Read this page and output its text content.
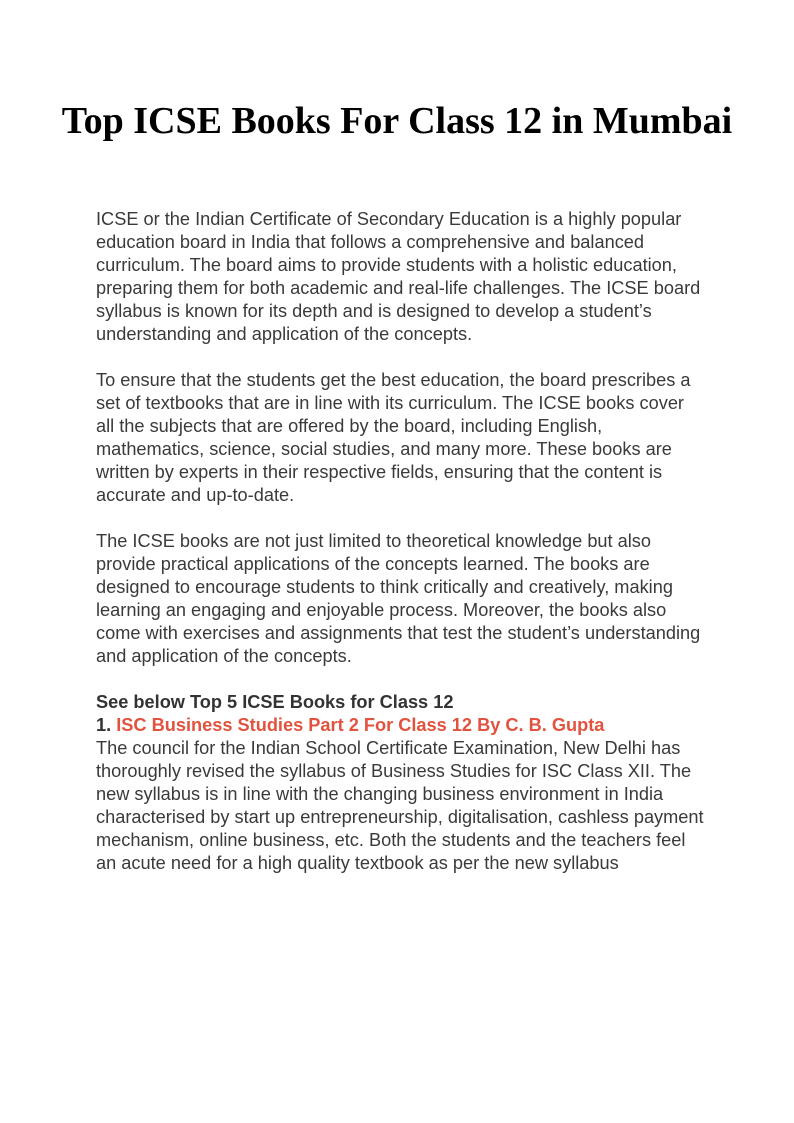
Top ICSE Books For Class 12 in Mumbai

ICSE or the Indian Certificate of Secondary Education is a highly popular education board in India that follows a comprehensive and balanced curriculum. The board aims to provide students with a holistic education, preparing them for both academic and real-life challenges. The ICSE board syllabus is known for its depth and is designed to develop a student’s understanding and application of the concepts.

To ensure that the students get the best education, the board prescribes a set of textbooks that are in line with its curriculum. The ICSE books cover all the subjects that are offered by the board, including English, mathematics, science, social studies, and many more. These books are written by experts in their respective fields, ensuring that the content is accurate and up-to-date.

The ICSE books are not just limited to theoretical knowledge but also provide practical applications of the concepts learned. The books are designed to encourage students to think critically and creatively, making learning an engaging and enjoyable process. Moreover, the books also come with exercises and assignments that test the student’s understanding and application of the concepts.

See below Top 5 ICSE Books for Class 12
1. ISC Business Studies Part 2 For Class 12 By C. B. Gupta
The council for the Indian School Certificate Examination, New Delhi has thoroughly revised the syllabus of Business Studies for ISC Class XII. The new syllabus is in line with the changing business environment in India characterised by start up entrepreneurship, digitalisation, cashless payment mechanism, online business, etc. Both the students and the teachers feel an acute need for a high quality textbook as per the new syllabus
